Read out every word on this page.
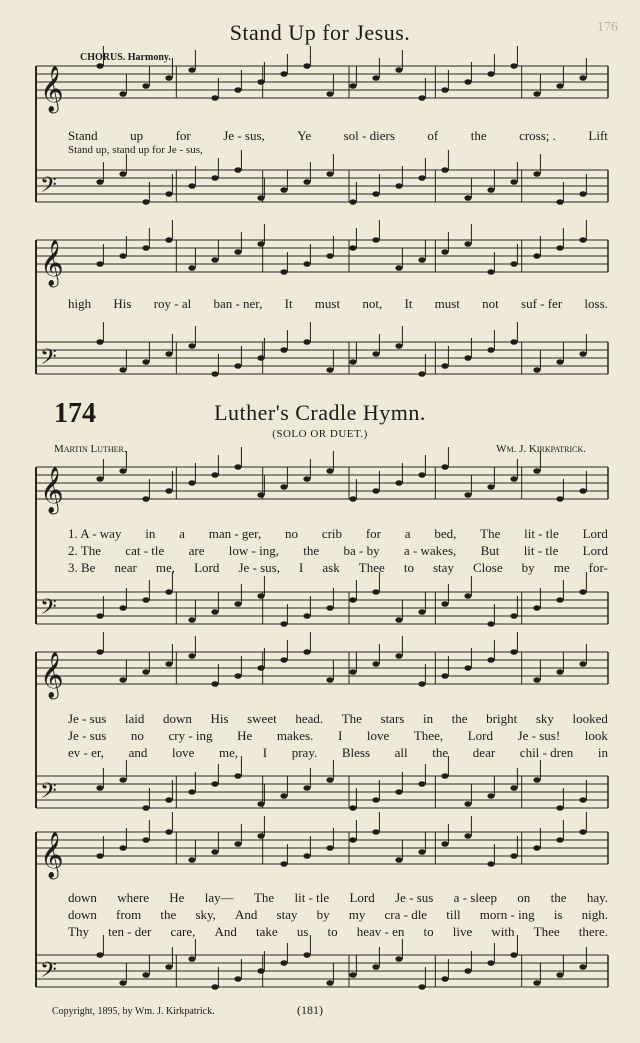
𝄞
𝄢
𝄞
𝄢
𝄞
𝄢
𝄞
𝄢
𝄞
𝄢
Stand Up for Jesus.	176
CHORUS. Harmony.
Stand up for Je - sus, Ye sol - diers of the cross; . Lift
Stand up, stand up for Je - sus,
high His roy - al ban - ner, It must not, It must not suf - fer loss.
174	Luther's Cradle Hymn.
(SOLO OR DUET.)
Martin Luther.	Wm. J. Kirkpatrick.
1. A - way in a man - ger, no crib for a bed, The lit - tle Lord
2. The cat - tle are low - ing, the ba - by a - wakes, But lit - tle Lord
3. Be near me, Lord Je - sus, I ask Thee to stay Close by me for-
Je - sus laid down His sweet head. The stars in the bright sky looked
Je - sus no cry - ing He makes. I love Thee, Lord Je - sus! look
ev - er, and love me, I pray. Bless all the dear chil - dren in
down where He lay— The lit - tle Lord Je - sus a - sleep on the hay.
down from the sky, And stay by my cra - dle till morn - ing is nigh.
Thy ten - der care, And take us to heav - en to live with Thee there.
Copyright, 1895, by Wm. J. Kirkpatrick.	(181)
